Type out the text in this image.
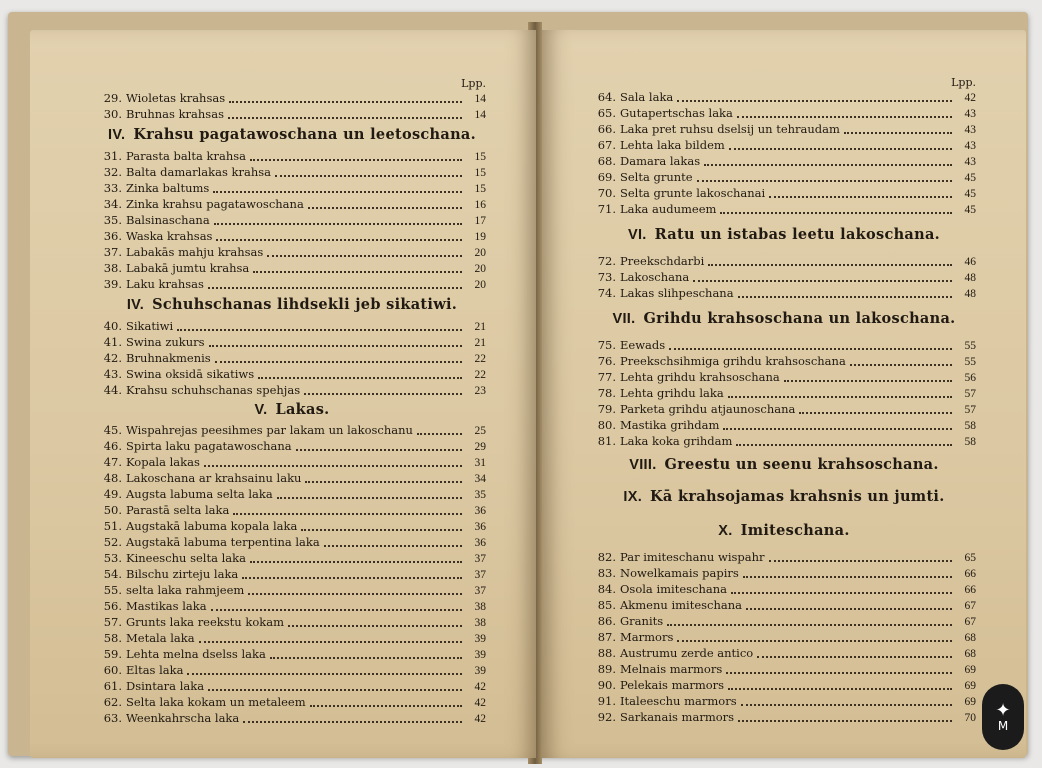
Lpp.
29. Wioletas krahsas	14
30. Bruhnas krahsas	14
IV. Krahsu pagatawoschana un leetoschana.
31. Parasta balta krahsa	15
32. Balta damarlakas krahsa	15
33. Zinka baltums	15
34. Zinka krahsu pagatawoschana	16
35. Balsinaschana	17
36. Waska krahsas	19
37. Labakās mahju krahsas	20
38. Labakā jumtu krahsa	20
39. Laku krahsas	20
IV. Schuhschanas lihdsekli jeb sikatiwi.
40. Sikatiwi	21
41. Swina zukurs	21
42. Bruhnakmenis	22
43. Swina oksidā sikatiws	22
44. Krahsu schuhschanas spehjas	23
V. Lakas.
45. Wispahrejas peesihmes par lakam un lakoschanu	25
46. Spirta laku pagatawoschana	29
47. Kopala lakas	31
48. Lakoschana ar krahsainu laku	34
49. Augsta labuma selta laka	35
50. Parastā selta laka	36
51. Augstakā labuma kopala laka	36
52. Augstakā labuma terpentina laka	36
53. Kineeschu selta laka	37
54. Bilschu zirteju laka	37
55. selta laka rahmjeem	37
56. Mastikas laka	38
57. Grunts laka reekstu kokam	38
58. Metala laka	39
59. Lehta melna dselss laka	39
60. Eltas laka	39
61. Dsintara laka	42
62. Selta laka kokam un metaleem	42
63. Weenkahrscha laka	42
Lpp.
64. Sala laka	42
65. Gutapertschas laka	43
66. Laka pret ruhsu dselsij un tehraudam	43
67. Lehta laka bildem	43
68. Damara lakas	43
69. Selta grunte	45
70. Selta grunte lakoschanai	45
71. Laka audumeem	45
VI. Ratu un istabas leetu lakoschana.
72. Preekschdarbi	46
73. Lakoschana	48
74. Lakas slihpeschana	48
VII. Grihdu krahsoschana un lakoschana.
75. Eewads	55
76. Preekschsihmiga grihdu krahsoschana	55
77. Lehta grihdu krahsoschana	56
78. Lehta grihdu laka	57
79. Parketa grihdu atjaunoschana	57
80. Mastika grihdam	58
81. Laka koka grihdam	58
VIII. Greestu un seenu krahsoschana.
IX. Kā krahsojamas krahsnis un jumti.
X. Imiteschana.
82. Par imiteschanu wispahr	65
83. Nowelkamais papirs	66
84. Osola imiteschana	66
85. Akmenu imiteschana	67
86. Granits	67
87. Marmors	68
88. Austrumu zerde antico	68
89. Melnais marmors	69
90. Pelekais marmors	69
91. Italeeschu marmors	69
92. Sarkanais marmors	70 ✦
M
